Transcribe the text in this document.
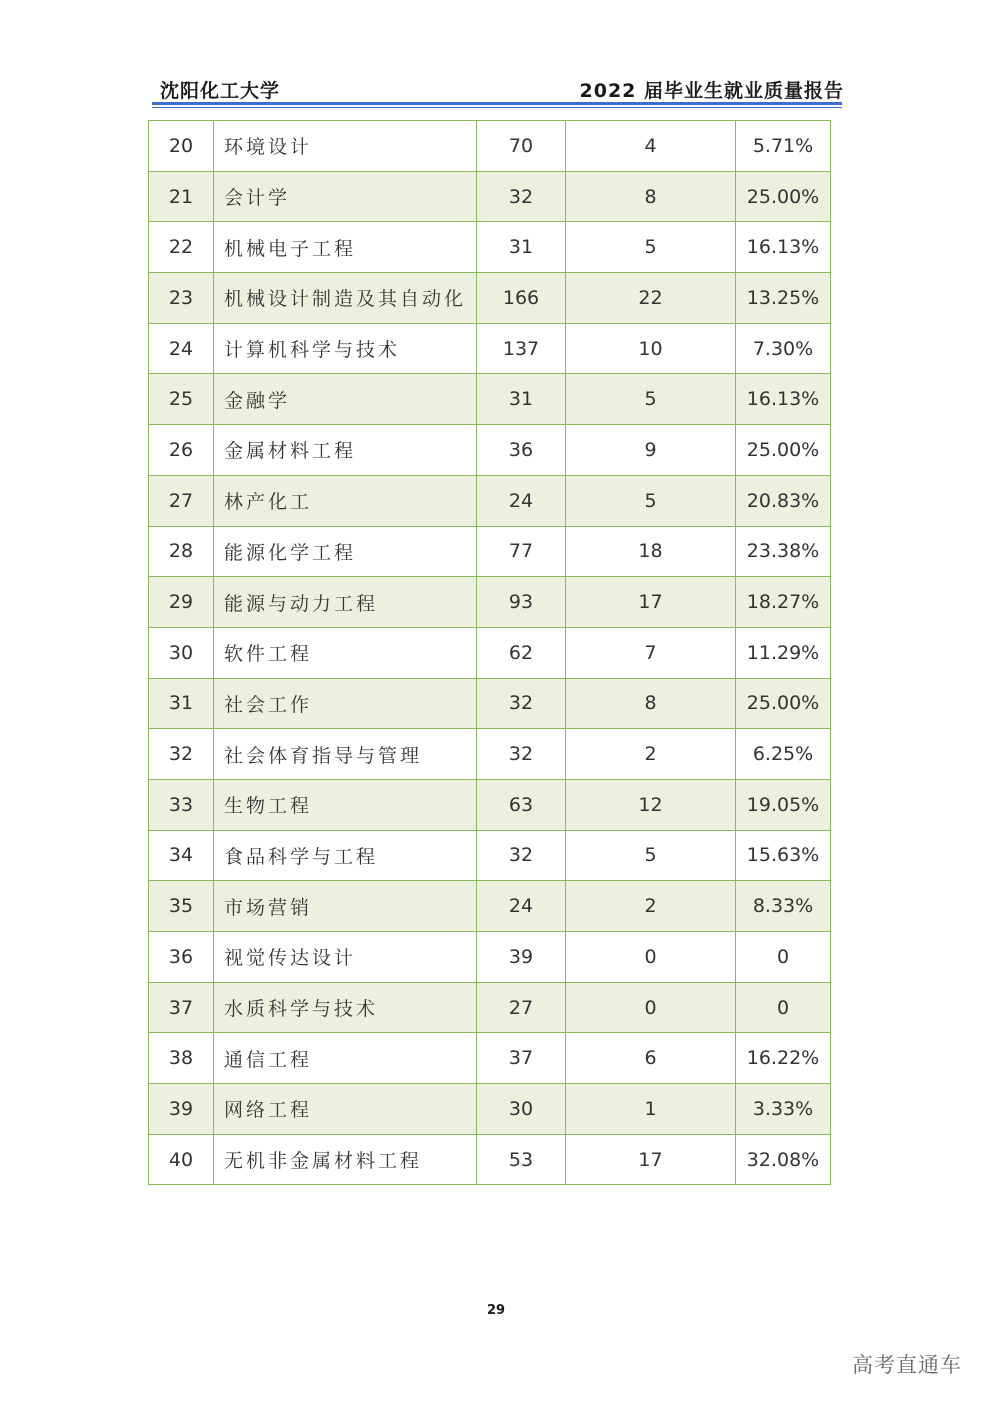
沈阳化工大学	2022 届毕业生就业质量报告
20	环境设计	70	4	5.71%
21	会计学	32	8	25.00%
22	机械电子工程	31	5	16.13%
23	机械设计制造及其自动化	166	22	13.25%
24	计算机科学与技术	137	10	7.30%
25	金融学	31	5	16.13%
26	金属材料工程	36	9	25.00%
27	林产化工	24	5	20.83%
28	能源化学工程	77	18	23.38%
29	能源与动力工程	93	17	18.27%
30	软件工程	62	7	11.29%
31	社会工作	32	8	25.00%
32	社会体育指导与管理	32	2	6.25%
33	生物工程	63	12	19.05%
34	食品科学与工程	32	5	15.63%
35	市场营销	24	2	8.33%
36	视觉传达设计	39	0	0
37	水质科学与技术	27	0	0
38	通信工程	37	6	16.22%
39	网络工程	30	1	3.33%
40	无机非金属材料工程	53	17	32.08%
29
高考直通车
